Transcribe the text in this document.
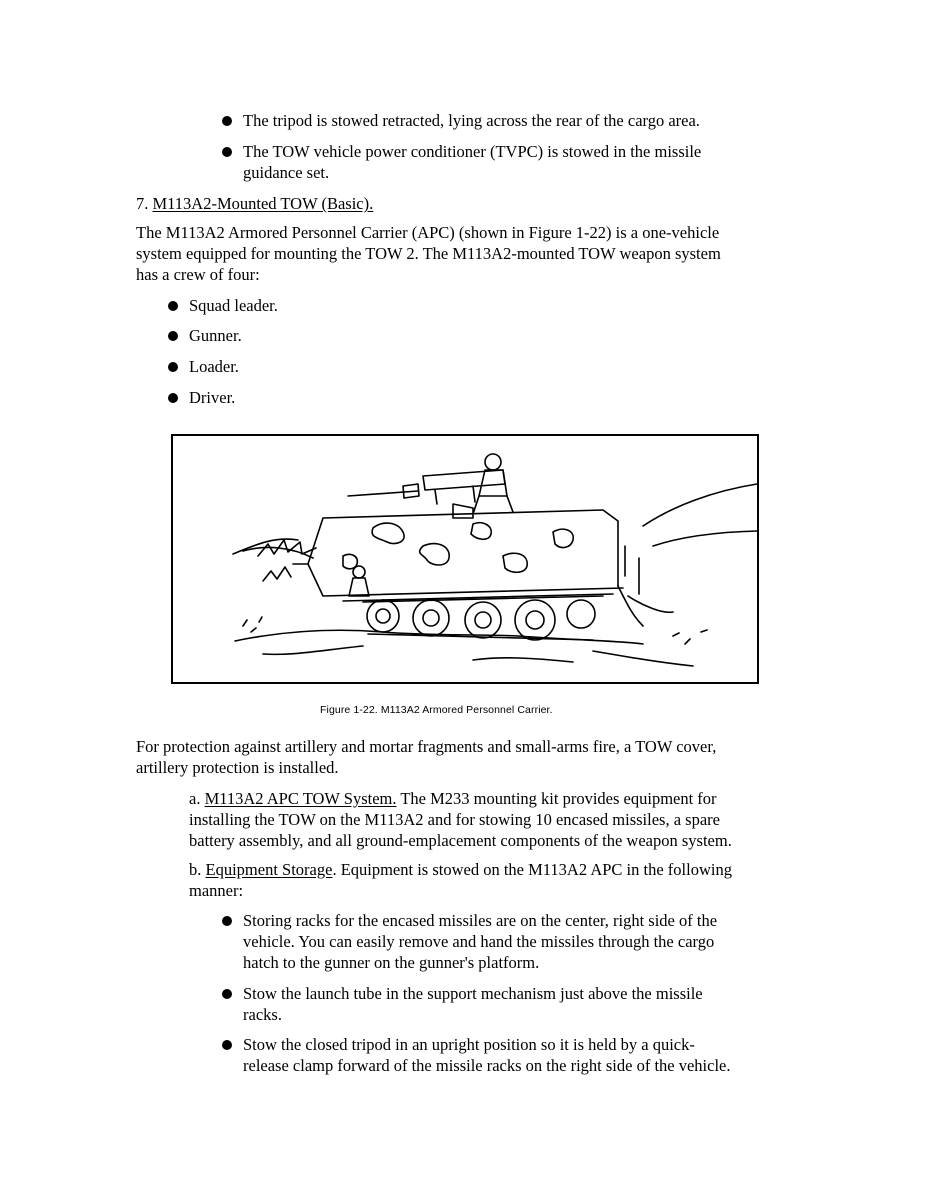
The tripod is stowed retracted, lying across the rear of the cargo area.
The TOW vehicle power conditioner (TVPC) is stowed in the missile
guidance set.
7. M113A2-Mounted TOW (Basic).
The M113A2 Armored Personnel Carrier (APC) (shown in Figure 1-22) is a one-vehicle
system equipped for mounting the TOW 2. The M113A2-mounted TOW weapon system
has a crew of four:
Squad leader.
Gunner.
Loader.
Driver.
Figure 1-22. M113A2 Armored Personnel Carrier.
For protection against artillery and mortar fragments and small-arms fire, a TOW cover,
artillery protection is installed.
a. M113A2 APC TOW System. The M233 mounting kit provides equipment for
installing the TOW on the M113A2 and for stowing 10 encased missiles, a spare
battery assembly, and all ground-emplacement components of the weapon system.
b. Equipment Storage. Equipment is stowed on the M113A2 APC in the following
manner:
Storing racks for the encased missiles are on the center, right side of the
vehicle. You can easily remove and hand the missiles through the cargo
hatch to the gunner on the gunner's platform.
Stow the launch tube in the support mechanism just above the missile
racks.
Stow the closed tripod in an upright position so it is held by a quick-
release clamp forward of the missile racks on the right side of the vehicle.
